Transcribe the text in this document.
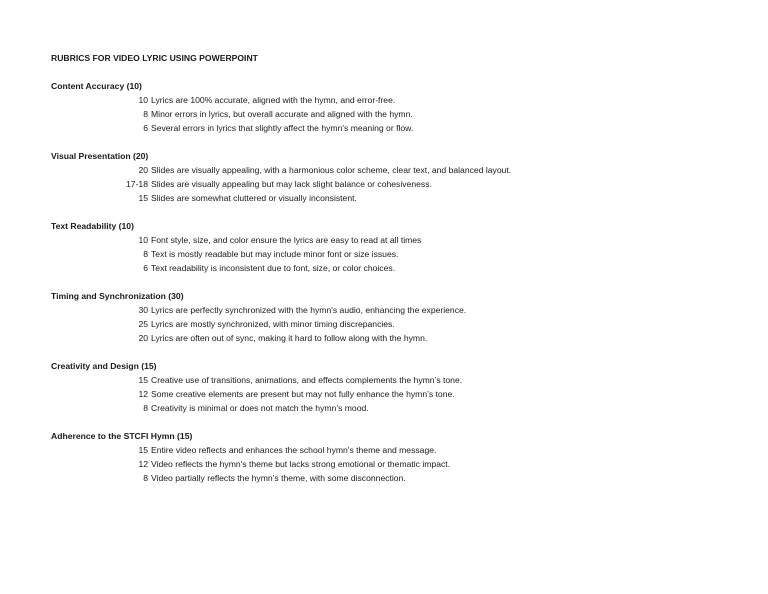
RUBRICS FOR VIDEO LYRIC USING POWERPOINT
Content Accuracy (10)
10 Lyrics are 100% accurate, aligned with the hymn, and error-free.
8 Minor errors in lyrics, but overall accurate and aligned with the hymn.
6 Several errors in lyrics that slightly affect the hymn's meaning or flow.
Visual Presentation (20)
20 Slides are visually appealing, with a harmonious color scheme, clear text, and balanced layout.
17-18 Slides are visually appealing but may lack slight balance or cohesiveness.
15 Slides are somewhat cluttered or visually inconsistent.
Text Readability (10)
10 Font style, size, and color ensure the lyrics are easy to read at all times
8 Text is mostly readable but may include minor font or size issues.
6 Text readability is inconsistent due to font, size, or color choices.
Timing and Synchronization (30)
30 Lyrics are perfectly synchronized with the hymn's audio, enhancing the experience.
25 Lyrics are mostly synchronized, with minor timing discrepancies.
20 Lyrics are often out of sync, making it hard to follow along with the hymn.
Creativity and Design (15)
15 Creative use of transitions, animations, and effects complements the hymn’s tone.
12 Some creative elements are present but may not fully enhance the hymn’s tone.
8 Creativity is minimal or does not match the hymn’s mood.
Adherence to the STCFI Hymn (15)
15 Entire video reflects and enhances the school hymn's theme and message.
12 Video reflects the hymn's theme but lacks strong emotional or thematic impact.
8 Video partially reflects the hymn’s theme, with some disconnection.
